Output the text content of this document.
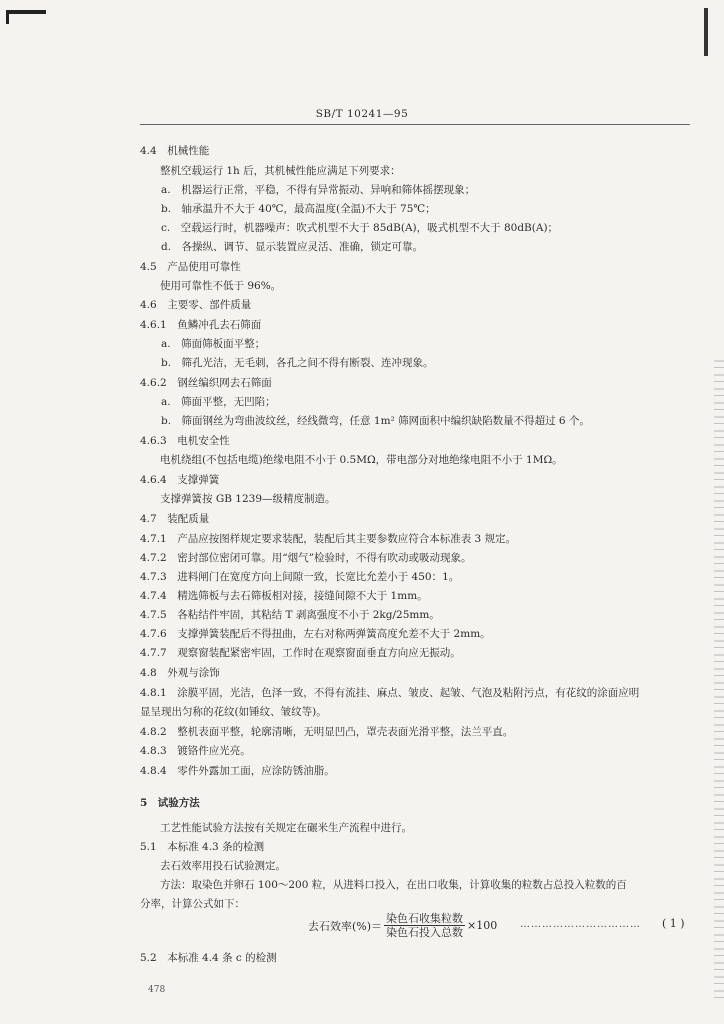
SB/T 10241—95
4.4　机械性能
整机空载运行 1h 后，其机械性能应满足下列要求：
a.　机器运行正常，平稳，不得有异常振动、异响和筛体摇摆现象；
b.　轴承温升不大于 40℃，最高温度(全温)不大于 75℃；
c.　空载运行时，机器噪声：吹式机型不大于 85dB(A)，吸式机型不大于 80dB(A)；
d.　各操纵、调节、显示装置应灵活、准确，锁定可靠。
4.5　产品使用可靠性
使用可靠性不低于 96%。
4.6　主要零、部件质量
4.6.1　鱼鳞冲孔去石筛面
a.　筛面筛板面平整；
b.　筛孔光洁，无毛刺，各孔之间不得有断裂、连冲现象。
4.6.2　钢丝编织网去石筛面
a.　筛面平整，无凹陷；
b.　筛面钢丝为弯曲波纹丝，经线微弯，任意 1m² 筛网面积中编织缺陷数量不得超过 6 个。
4.6.3　电机安全性
电机绕组(不包括电缆)绝缘电阻不小于 0.5MΩ，带电部分对地绝缘电阻不小于 1MΩ。
4.6.4　支撑弹簧
支撑弹簧按 GB 1239—级精度制造。
4.7　装配质量
4.7.1　产品应按图样规定要求装配，装配后其主要参数应符合本标准表 3 规定。
4.7.2　密封部位密闭可靠。用“烟气”检验时，不得有吹动或吸动现象。
4.7.3　进料闸门在宽度方向上间隙一致，长宽比允差小于 450：1。
4.7.4　精选筛板与去石筛板相对接，接缝间隙不大于 1mm。
4.7.5　各粘结件牢固，其粘结 T 剥离强度不小于 2kg/25mm。
4.7.6　支撑弹簧装配后不得扭曲，左右对称两弹簧高度允差不大于 2mm。
4.7.7　观察窗装配紧密牢固，工作时在观察窗面垂直方向应无振动。
4.8　外观与涂饰
4.8.1　涂膜平固，光洁，色泽一致，不得有流挂、麻点、皱皮、起皱、气泡及粘附污点，有花纹的涂面应明
显呈现出匀称的花纹(如锤纹、皱纹等)。
4.8.2　整机表面平整，轮廓清晰，无明显凹凸，罩壳表面光滑平整，法兰平直。
4.8.3　镀铬件应光亮。
4.8.4　零件外露加工面，应涂防锈油脂。
5　试验方法
工艺性能试验方法按有关规定在碾米生产流程中进行。
5.1　本标准 4.3 条的检测
去石效率用投石试验测定。
方法：取染色并卵石 100～200 粒，从进料口投入，在出口收集，计算收集的粒数占总投入粒数的百
分率，计算公式如下：
去石效率(%)＝ $\frac{\text{染色石收集粒数}}{\text{染色石投入总数}} \times 100$ …………………………… ( 1 )
5.2　本标准 4.4 条 c 的检测
478
